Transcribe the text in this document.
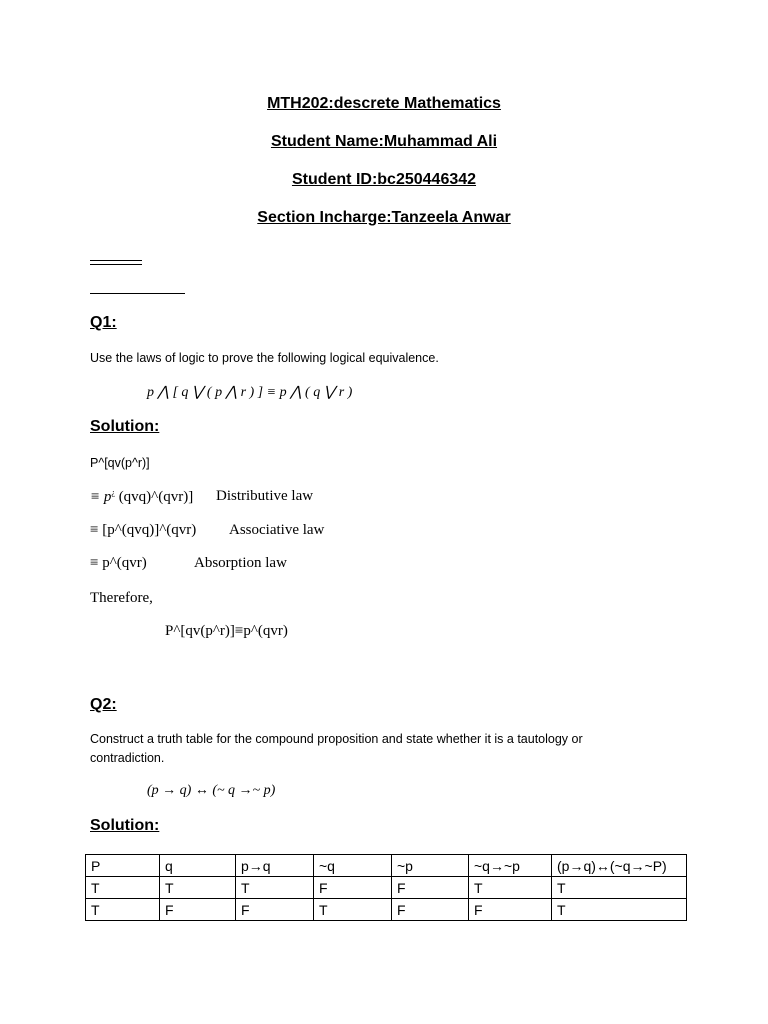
MTH202:descrete Mathematics
Student Name:Muhammad Ali
Student ID:bc250446342
Section Incharge:Tanzeela Anwar
Q1:
Use the laws of logic to prove the following logical equivalence.
p ⋀ [ q ⋁ ( p ⋀ r ) ] ≡ p ⋀ ( q ⋁ r )
Solution:
P^[qv(p^r)]
≡ p¿ (qvq)^(qvr)] Distributive law
≡ [p^(qvq)]^(qvr) Associative law
≡ p^(qvr)	Absorption law
Therefore,
P^[qv(p^r)]≡p^(qvr)
Q2:
Construct a truth table for the compound proposition and state whether it is a tautology or contradiction.
(p → q) ↔ (~ q →~ p)
Solution:
P	q	p→q	~q	~p	~q→~p	(p→q)↔(~q→~P)
T	T	T	F	F	T	T
T	F	F	T	F	F	T
